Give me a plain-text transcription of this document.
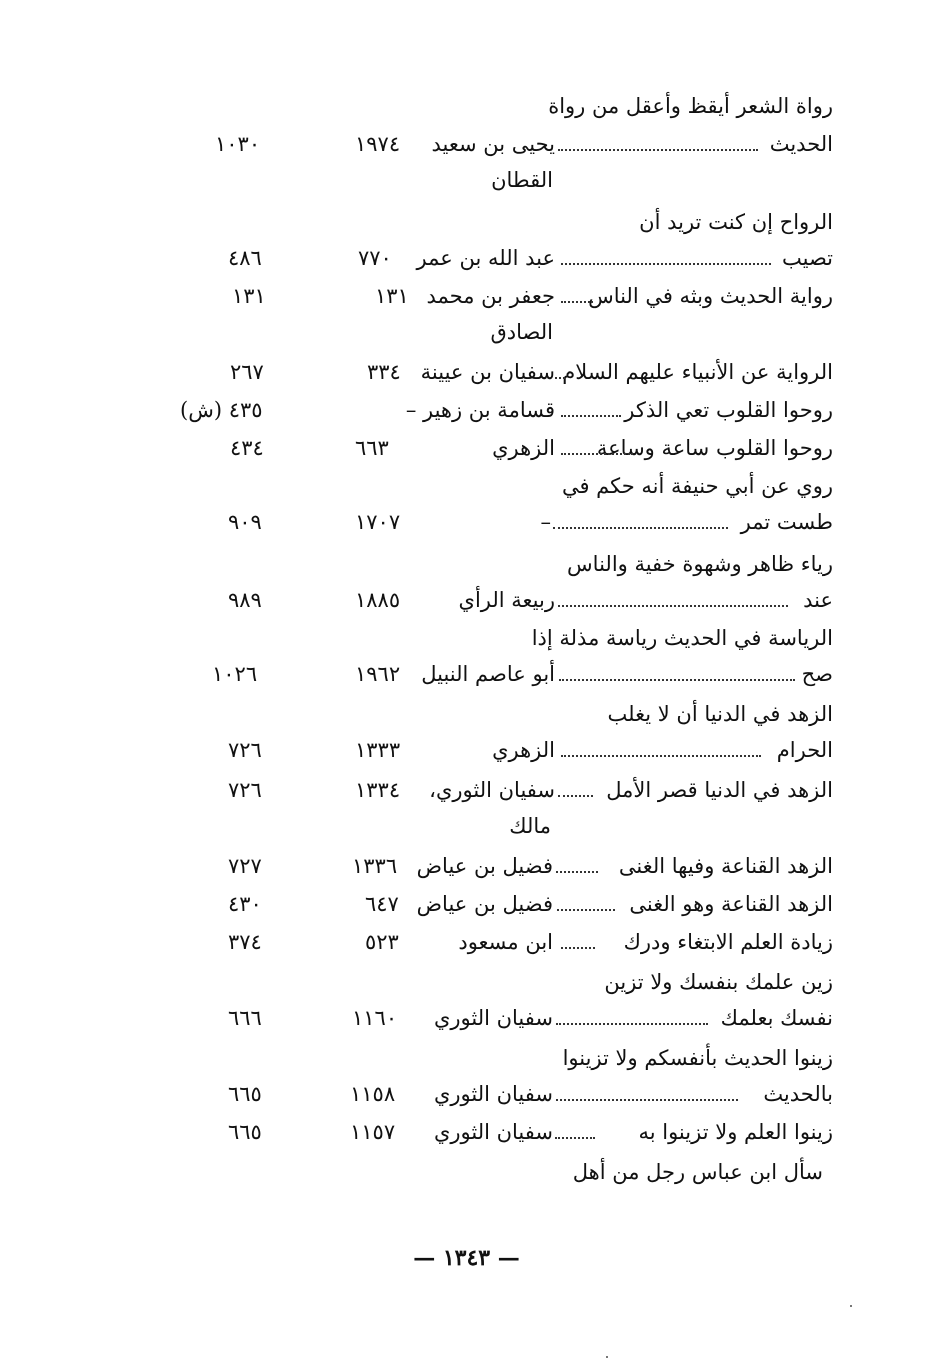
رواة الشعر أيقظ وأعقل من رواة
الحديث
يحيى بن سعيد
١٩٧٤
١٠٣٠
القطان
الرواح إن كنت تريد أن
تصيب
عبد الله بن عمر
٧٧٠
٤٨٦
رواية الحديث وبثه في الناس
جعفر بن محمد
١٣١
١٣١
الصادق
الرواية عن الأنبياء عليهم السلام
سفيان بن عيينة
٣٣٤
٢٦٧
روحوا القلوب تعي الذكر
قسامة بن زهير –
٤٣٥ (ش)
روحوا القلوب ساعة وساعة
الزهري
٦٦٣
٤٣٤
روي عن أبي حنيفة أنه حكم في
طست تمر
–
١٧٠٧
٩٠٩
رياء ظاهر وشهوة خفية والناس
عند
ربيعة الرأي
١٨٨٥
٩٨٩
الرياسة في الحديث رياسة مذلة إذا
صح
أبو عاصم النبيل
١٩٦٢
١٠٢٦
الزهد في الدنيا أن لا يغلب
الحرام
الزهري
١٣٣٣
٧٢٦
الزهد في الدنيا قصر الأمل
سفيان الثوري،
١٣٣٤
٧٢٦
مالك
الزهد القناعة وفيها الغنى
فضيل بن عياض
١٣٣٦
٧٢٧
الزهد القناعة وهو الغنى
فضيل بن عياض
٦٤٧
٤٣٠
زيادة العلم الابتغاء ودرك
ابن مسعود
٥٢٣
٣٧٤
زين علمك بنفسك ولا تزين
نفسك بعلمك
سفيان الثوري
١١٦٠
٦٦٦
زينوا الحديث بأنفسكم ولا تزينوا
بالحديث
سفيان الثوري
١١٥٨
٦٦٥
زينوا العلم ولا تزينوا به
سفيان الثوري
١١٥٧
٦٦٥
سأل ابن عباس رجل من أهل
— ١٣٤٣ —
